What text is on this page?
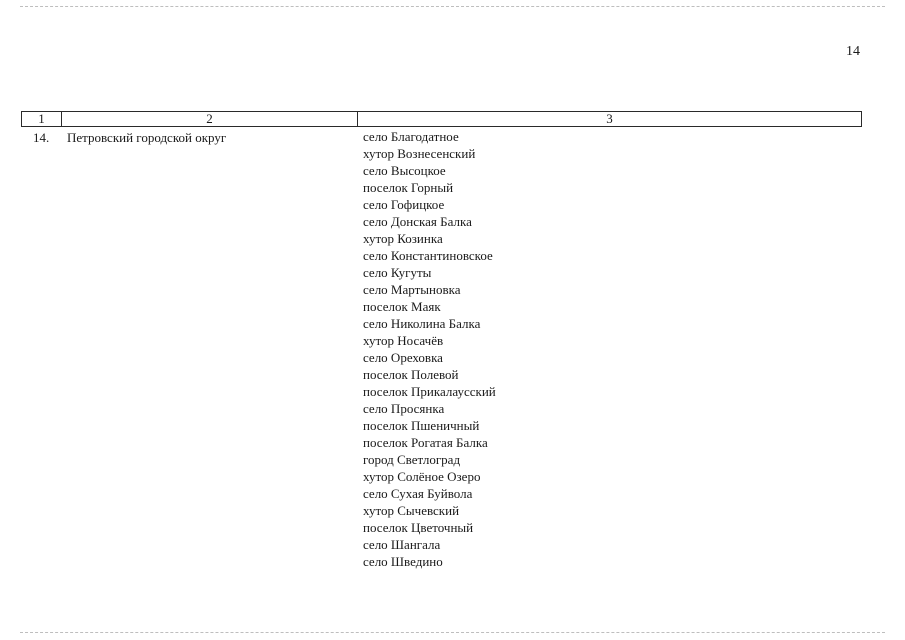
14
1	2	3
14. Петровский городской округ	село Благодатное
хутор Вознесенский
село Высоцкое
поселок Горный
село Гофицкое
село Донская Балка
хутор Козинка
село Константиновское
село Кугуты
село Мартыновка
поселок Маяк
село Николина Балка
хутор Носачёв
село Ореховка
поселок Полевой
поселок Прикалаусский
село Просянка
поселок Пшеничный
поселок Рогатая Балка
город Светлоград
хутор Солёное Озеро
село Сухая Буйвола
хутор Сычевский
поселок Цветочный
село Шангала
село Шведино
